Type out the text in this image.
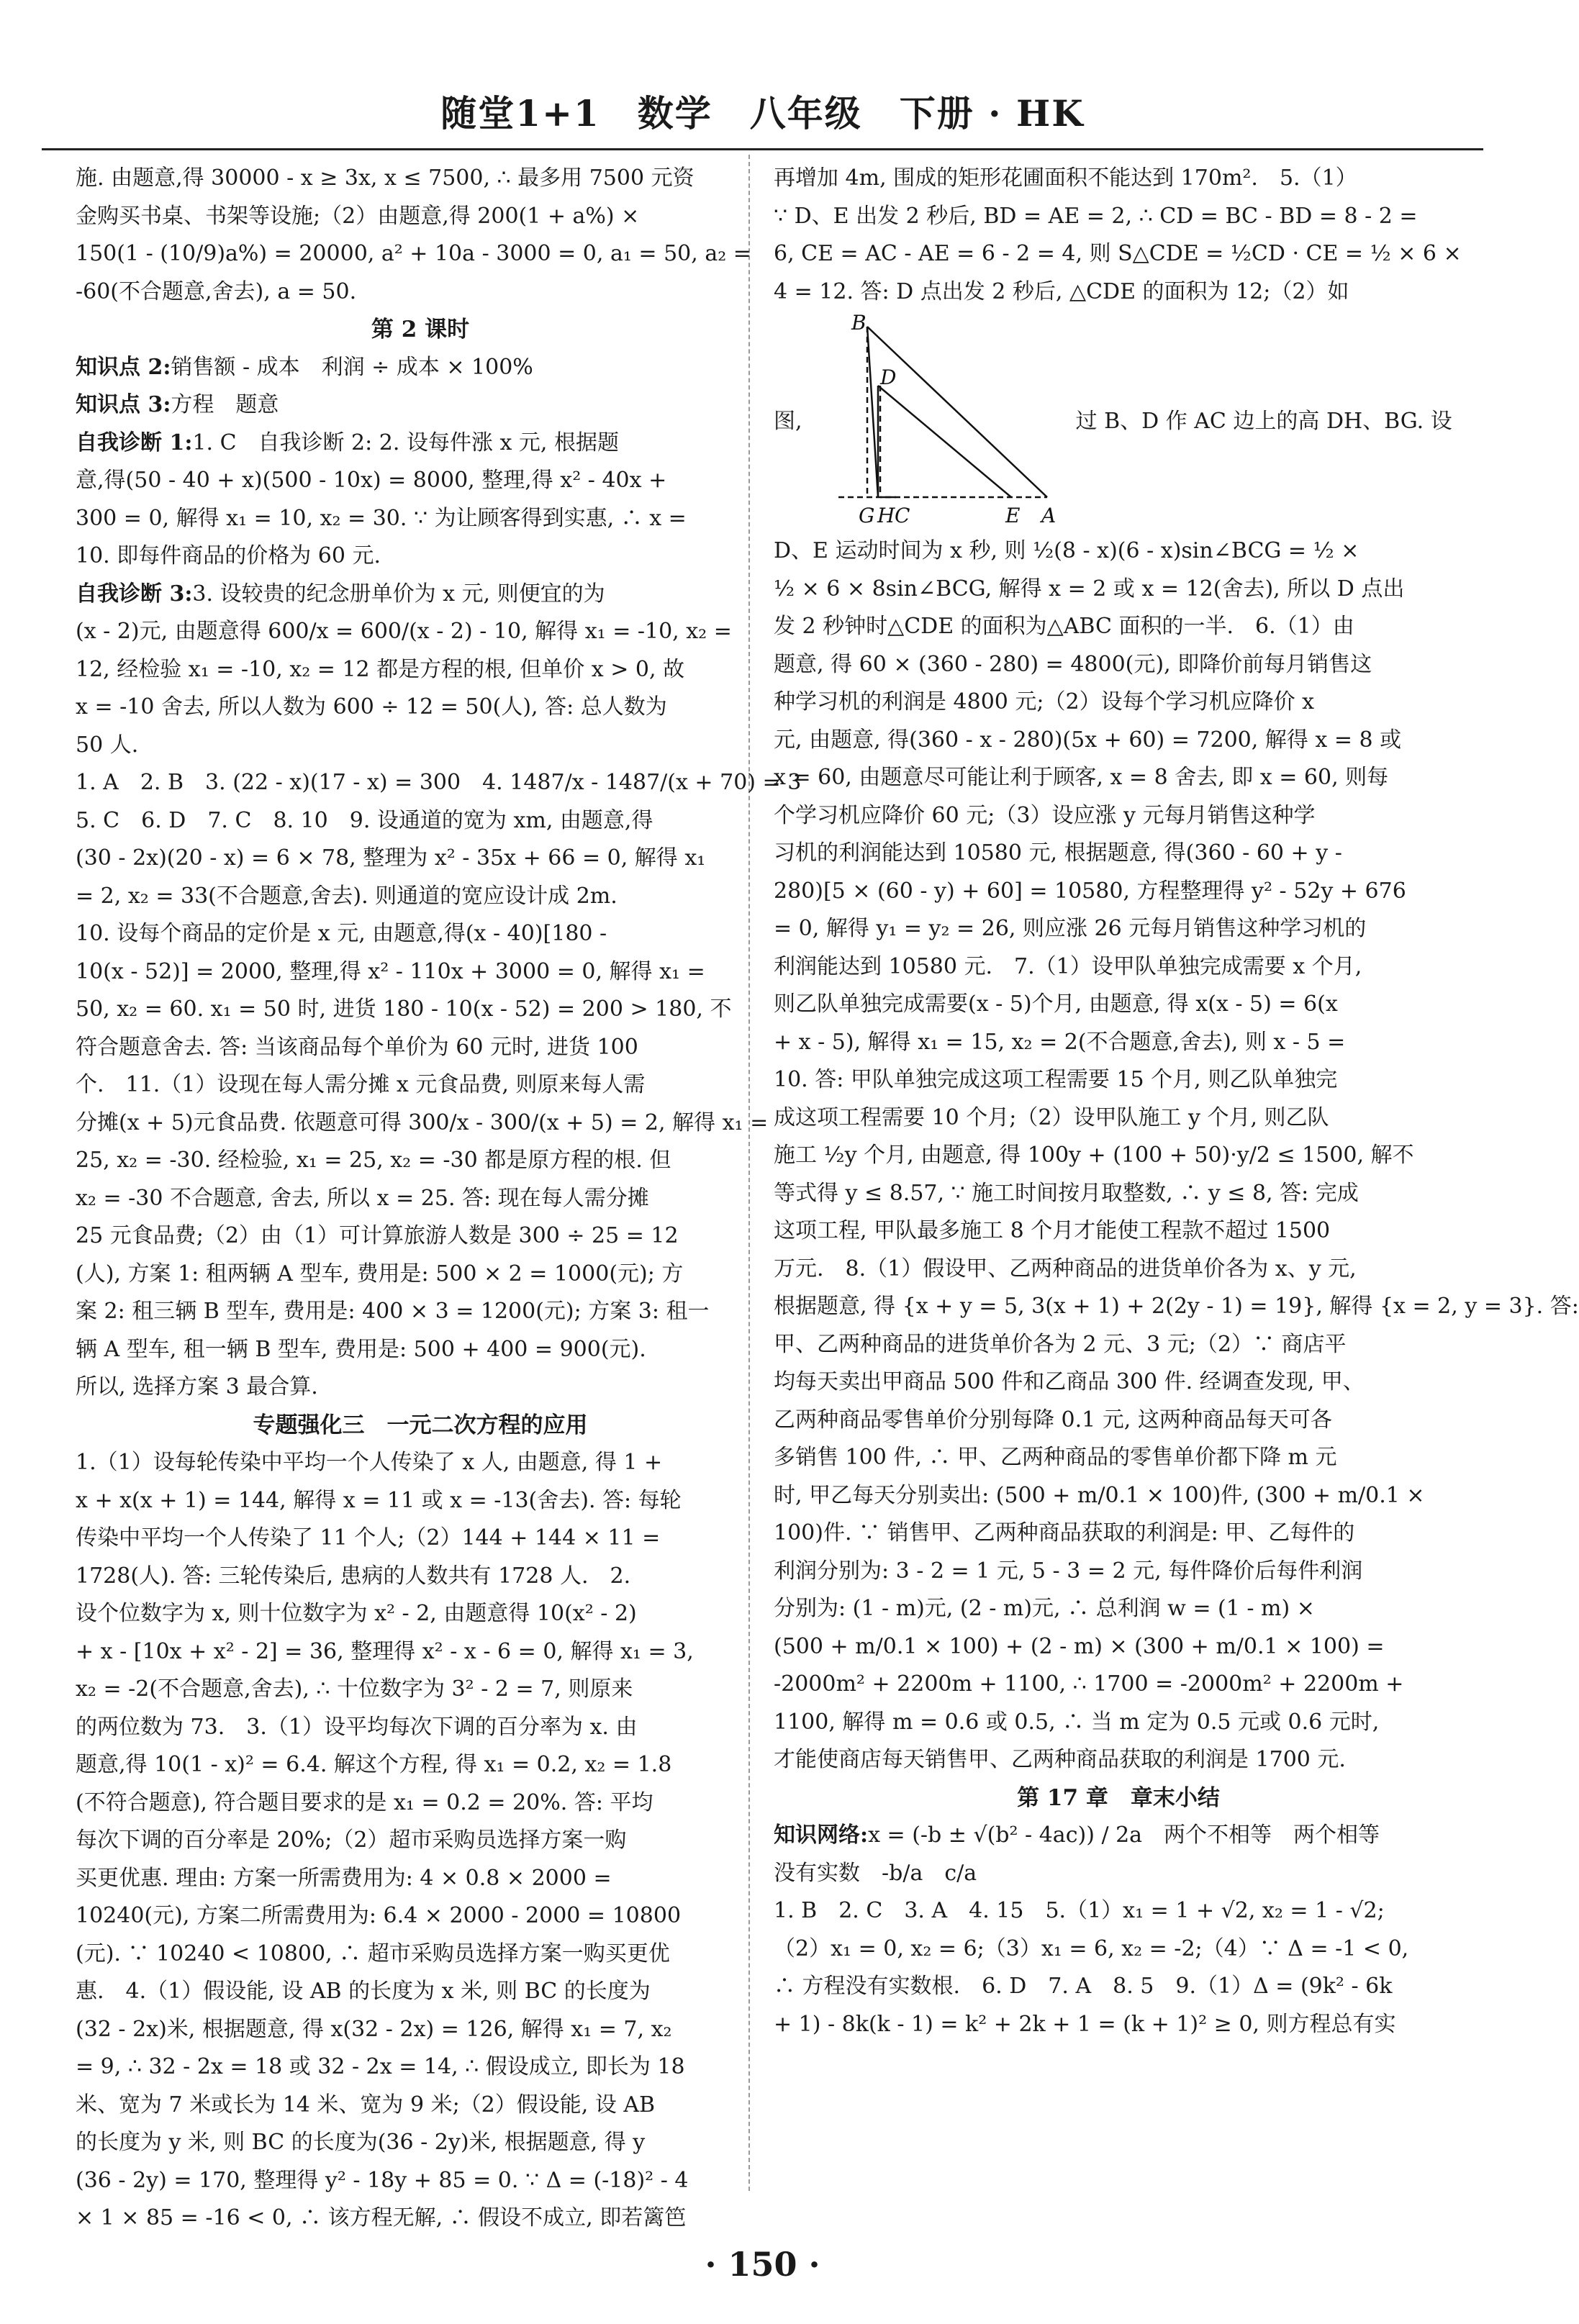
随堂1+1　数学　八年级　下册 · HK

施. 由题意,得 30000 - x ≥ 3x, x ≤ 7500, ∴ 最多用 7500 元资

金购买书桌、书架等设施;（2）由题意,得 200(1 + a%) ×

150(1 - (10/9)a%) = 20000, a² + 10a - 3000 = 0, a₁ = 50, a₂ =

-60(不合题意,舍去), a = 50.

第 2 课时

知识点 2:销售额 - 成本　利润 ÷ 成本 × 100%

知识点 3:方程　题意

自我诊断 1:1. C　自我诊断 2: 2. 设每件涨 x 元, 根据题

意,得(50 - 40 + x)(500 - 10x) = 8000, 整理,得 x² - 40x +

300 = 0, 解得 x₁ = 10, x₂ = 30. ∵ 为让顾客得到实惠, ∴ x =

10. 即每件商品的价格为 60 元.

自我诊断 3:3. 设较贵的纪念册单价为 x 元, 则便宜的为

(x - 2)元, 由题意得 600/x = 600/(x - 2) - 10, 解得 x₁ = -10, x₂ =

12, 经检验 x₁ = -10, x₂ = 12 都是方程的根, 但单价 x > 0, 故

x = -10 舍去, 所以人数为 600 ÷ 12 = 50(人), 答: 总人数为

50 人.

1. A　2. B　3. (22 - x)(17 - x) = 300　4. 1487/x - 1487/(x + 70) = 3

5. C　6. D　7. C　8. 10　9. 设通道的宽为 xm, 由题意,得

(30 - 2x)(20 - x) = 6 × 78, 整理为 x² - 35x + 66 = 0, 解得 x₁

= 2, x₂ = 33(不合题意,舍去). 则通道的宽应设计成 2m.

10. 设每个商品的定价是 x 元, 由题意,得(x - 40)[180 -

10(x - 52)] = 2000, 整理,得 x² - 110x + 3000 = 0, 解得 x₁ =

50, x₂ = 60. x₁ = 50 时, 进货 180 - 10(x - 52) = 200 > 180, 不

符合题意舍去. 答: 当该商品每个单价为 60 元时, 进货 100

个.　11.（1）设现在每人需分摊 x 元食品费, 则原来每人需

分摊(x + 5)元食品费. 依题意可得 300/x - 300/(x + 5) = 2, 解得 x₁ =

25, x₂ = -30. 经检验, x₁ = 25, x₂ = -30 都是原方程的根. 但

x₂ = -30 不合题意, 舍去, 所以 x = 25. 答: 现在每人需分摊

25 元食品费;（2）由（1）可计算旅游人数是 300 ÷ 25 = 12

(人), 方案 1: 租两辆 A 型车, 费用是: 500 × 2 = 1000(元); 方

案 2: 租三辆 B 型车, 费用是: 400 × 3 = 1200(元); 方案 3: 租一

辆 A 型车, 租一辆 B 型车, 费用是: 500 + 400 = 900(元).

所以, 选择方案 3 最合算.

专题强化三　一元二次方程的应用

1.（1）设每轮传染中平均一个人传染了 x 人, 由题意, 得 1 +

x + x(x + 1) = 144, 解得 x = 11 或 x = -13(舍去). 答: 每轮

传染中平均一个人传染了 11 个人;（2）144 + 144 × 11 =

1728(人). 答: 三轮传染后, 患病的人数共有 1728 人.　2.

设个位数字为 x, 则十位数字为 x² - 2, 由题意得 10(x² - 2)

+ x - [10x + x² - 2] = 36, 整理得 x² - x - 6 = 0, 解得 x₁ = 3,

x₂ = -2(不合题意,舍去), ∴ 十位数字为 3² - 2 = 7, 则原来

的两位数为 73.　3.（1）设平均每次下调的百分率为 x. 由

题意,得 10(1 - x)² = 6.4. 解这个方程, 得 x₁ = 0.2, x₂ = 1.8

(不符合题意), 符合题目要求的是 x₁ = 0.2 = 20%. 答: 平均

每次下调的百分率是 20%;（2）超市采购员选择方案一购

买更优惠. 理由: 方案一所需费用为: 4 × 0.8 × 2000 =

10240(元), 方案二所需费用为: 6.4 × 2000 - 2000 = 10800

(元). ∵ 10240 < 10800, ∴ 超市采购员选择方案一购买更优

惠.　4.（1）假设能, 设 AB 的长度为 x 米, 则 BC 的长度为

(32 - 2x)米, 根据题意, 得 x(32 - 2x) = 126, 解得 x₁ = 7, x₂

= 9, ∴ 32 - 2x = 18 或 32 - 2x = 14, ∴ 假设成立, 即长为 18

米、宽为 7 米或长为 14 米、宽为 9 米;（2）假设能, 设 AB

的长度为 y 米, 则 BC 的长度为(36 - 2y)米, 根据题意, 得 y

(36 - 2y) = 170, 整理得 y² - 18y + 85 = 0. ∵ Δ = (-18)² - 4

× 1 × 85 = -16 < 0, ∴ 该方程无解, ∴ 假设不成立, 即若篱笆

再增加 4m, 围成的矩形花圃面积不能达到 170m².　5.（1）

∵ D、E 出发 2 秒后, BD = AE = 2, ∴ CD = BC - BD = 8 - 2 =

6, CE = AC - AE = 6 - 2 = 4, 则 S△CDE = ½CD · CE = ½ × 6 ×

4 = 12. 答: D 点出发 2 秒后, △CDE 的面积为 12;（2）如

图,
B
D
G H C	E A
过 B、D 作 AC 边上的高 DH、BG. 设

D、E 运动时间为 x 秒, 则 ½(8 - x)(6 - x)sin∠BCG = ½ ×

½ × 6 × 8sin∠BCG, 解得 x = 2 或 x = 12(舍去), 所以 D 点出

发 2 秒钟时△CDE 的面积为△ABC 面积的一半.　6.（1）由

题意, 得 60 × (360 - 280) = 4800(元), 即降价前每月销售这

种学习机的利润是 4800 元;（2）设每个学习机应降价 x

元, 由题意, 得(360 - x - 280)(5x + 60) = 7200, 解得 x = 8 或

x = 60, 由题意尽可能让利于顾客, x = 8 舍去, 即 x = 60, 则每

个学习机应降价 60 元;（3）设应涨 y 元每月销售这种学

习机的利润能达到 10580 元, 根据题意, 得(360 - 60 + y -

280)[5 × (60 - y) + 60] = 10580, 方程整理得 y² - 52y + 676

= 0, 解得 y₁ = y₂ = 26, 则应涨 26 元每月销售这种学习机的

利润能达到 10580 元.　7.（1）设甲队单独完成需要 x 个月,

则乙队单独完成需要(x - 5)个月, 由题意, 得 x(x - 5) = 6(x

+ x - 5), 解得 x₁ = 15, x₂ = 2(不合题意,舍去), 则 x - 5 =

10. 答: 甲队单独完成这项工程需要 15 个月, 则乙队单独完

成这项工程需要 10 个月;（2）设甲队施工 y 个月, 则乙队

施工 ½y 个月, 由题意, 得 100y + (100 + 50)·y/2 ≤ 1500, 解不

等式得 y ≤ 8.57, ∵ 施工时间按月取整数, ∴ y ≤ 8, 答: 完成

这项工程, 甲队最多施工 8 个月才能使工程款不超过 1500

万元.　8.（1）假设甲、乙两种商品的进货单价各为 x、y 元,

根据题意, 得 {x + y = 5, 3(x + 1) + 2(2y - 1) = 19}, 解得 {x = 2, y = 3}. 答:

甲、乙两种商品的进货单价各为 2 元、3 元;（2）∵ 商店平

均每天卖出甲商品 500 件和乙商品 300 件. 经调查发现, 甲、

乙两种商品零售单价分别每降 0.1 元, 这两种商品每天可各

多销售 100 件, ∴ 甲、乙两种商品的零售单价都下降 m 元

时, 甲乙每天分别卖出: (500 + m/0.1 × 100)件, (300 + m/0.1 ×

100)件. ∵ 销售甲、乙两种商品获取的利润是: 甲、乙每件的

利润分别为: 3 - 2 = 1 元, 5 - 3 = 2 元, 每件降价后每件利润

分别为: (1 - m)元, (2 - m)元, ∴ 总利润 w = (1 - m) ×

(500 + m/0.1 × 100) + (2 - m) × (300 + m/0.1 × 100) =

-2000m² + 2200m + 1100, ∴ 1700 = -2000m² + 2200m +

1100, 解得 m = 0.6 或 0.5, ∴ 当 m 定为 0.5 元或 0.6 元时,

才能使商店每天销售甲、乙两种商品获取的利润是 1700 元.

第 17 章　章末小结

知识网络:x = (-b ± √(b² - 4ac)) / 2a　两个不相等　两个相等

没有实数　-b/a　c/a

1. B　2. C　3. A　4. 15　5.（1）x₁ = 1 + √2, x₂ = 1 - √2;

（2）x₁ = 0, x₂ = 6;（3）x₁ = 6, x₂ = -2;（4）∵ Δ = -1 < 0,

∴ 方程没有实数根.　6. D　7. A　8. 5　9.（1）Δ = (9k² - 6k

+ 1) - 8k(k - 1) = k² + 2k + 1 = (k + 1)² ≥ 0, 则方程总有实

· 150 ·
